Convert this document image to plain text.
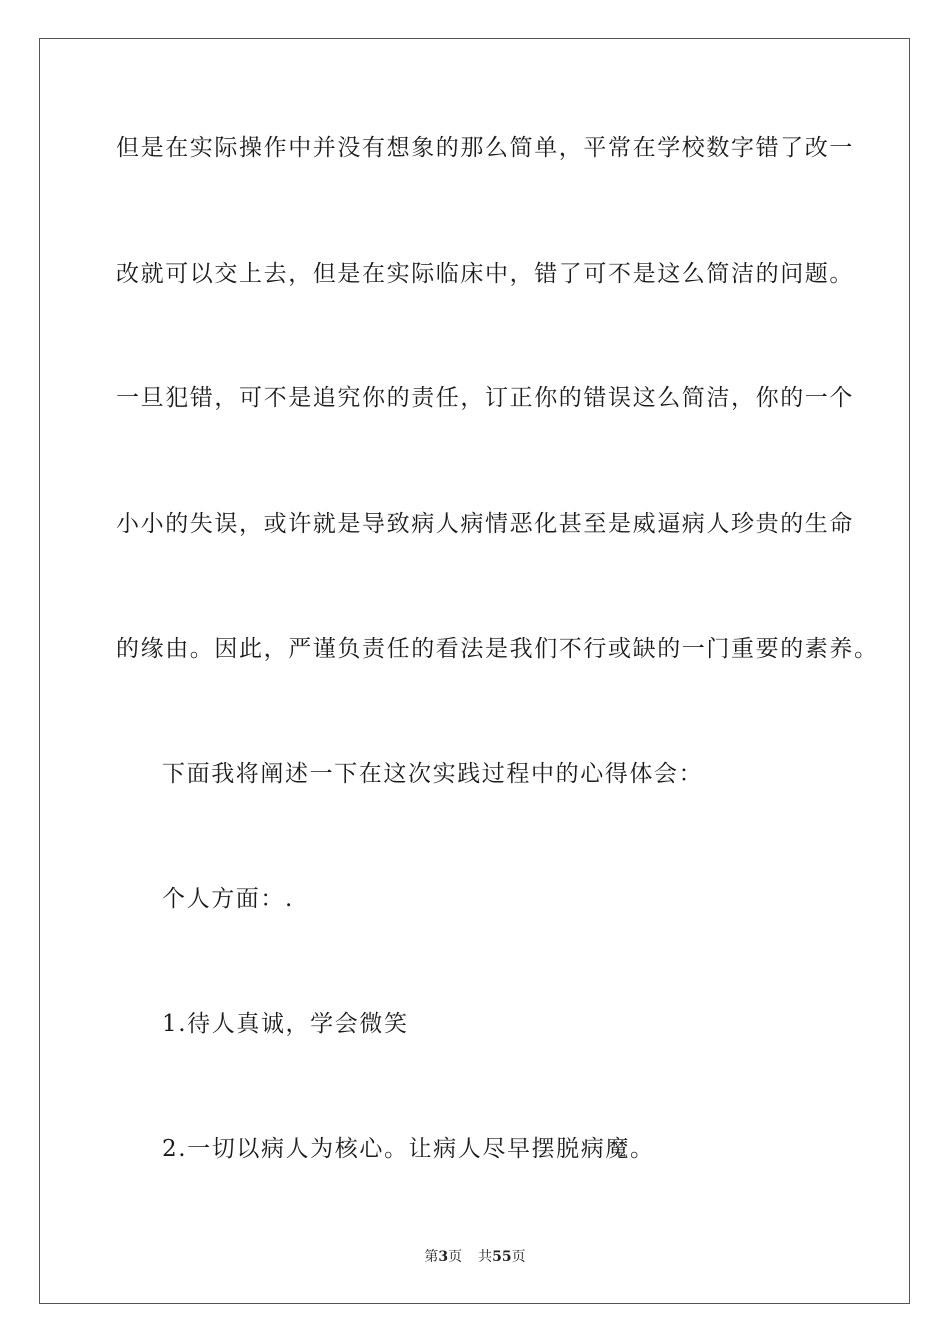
但是在实际操作中并没有想象的那么简单，平常在学校数字错了改一
改就可以交上去，但是在实际临床中，错了可不是这么简洁的问题。
一旦犯错，可不是追究你的责任，订正你的错误这么简洁，你的一个
小小的失误，或许就是导致病人病情恶化甚至是威逼病人珍贵的生命
的缘由。因此，严谨负责任的看法是我们不行或缺的一门重要的素养。
下面我将阐述一下在这次实践过程中的心得体会：
个人方面：.
1.待人真诚，学会微笑
2.一切以病人为核心。让病人尽早摆脱病魔。
第3页 共55页
